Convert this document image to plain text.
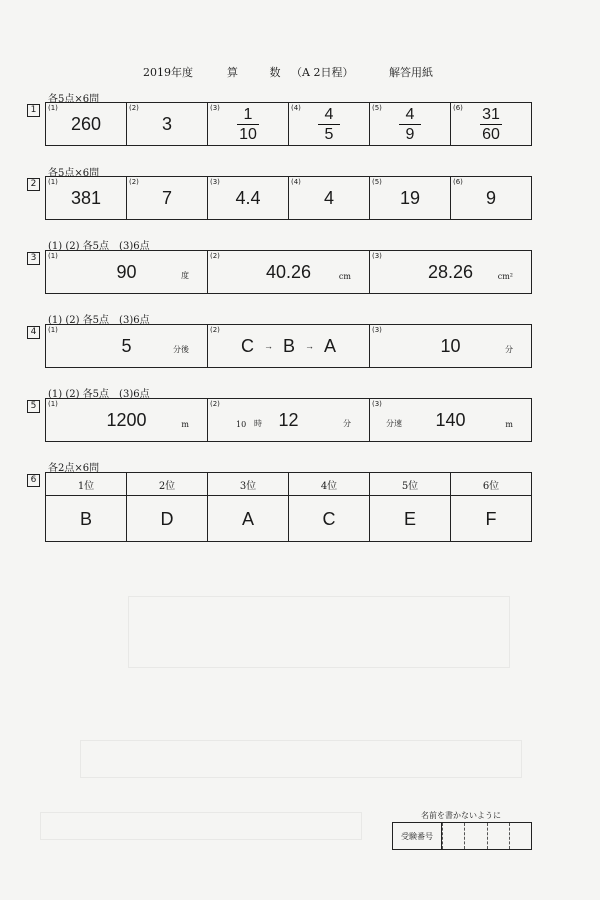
2019年度	算 数
（A 2日程）	解答用紙
各5点×6問
1	(1)
260
(2)
3
$(3) \frac{1}{10}$	$(4) \frac{4}{5}$	$(5) \frac{4}{9}$	$(6) \frac{31}{60}$
各5点×6問
2	(1)
381
(2)
7
(3)
4.4
(4)
4
(5)
19
(6)
9
(1) (2) 各5点　(3)6点
3	(1)
90	度
(2)
40.26	cm
(3)
28.26	cm²
(1) (2) 各5点　(3)6点
4	(1)
5	分後
(2)
C → B → A
(3)
10	分
(1) (2) 各5点　(3)6点
5	(1)
1200	m
(2)
10 時 12	分
(3)
分速 140	m
各2点×6問
6
1位	2位	3位	4位	5位	6位
B	D	A	C	E	F
名前を書かないように
受験番号
